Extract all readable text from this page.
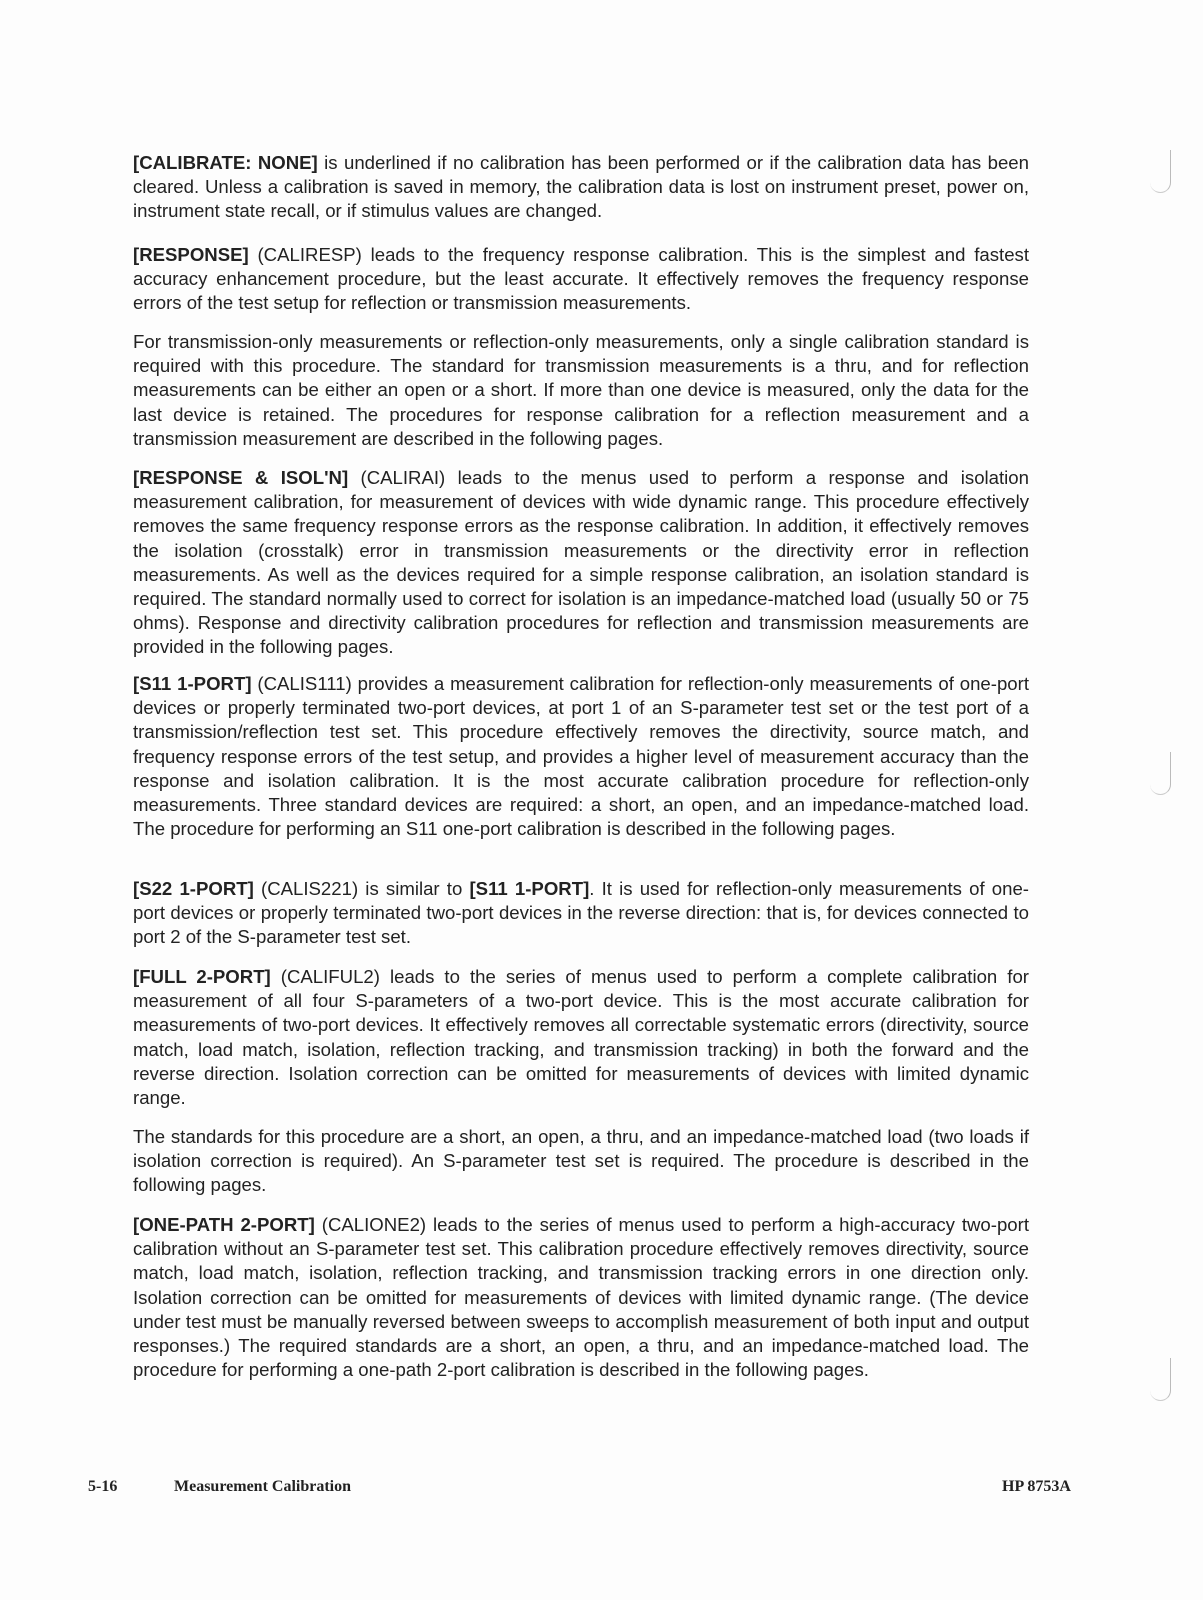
[CALIBRATE: NONE] is underlined if no calibration has been performed or if the calibration data has been cleared. Unless a calibration is saved in memory, the calibration data is lost on instrument preset, power on, instrument state recall, or if stimulus values are changed.

[RESPONSE] (CALIRESP) leads to the frequency response calibration. This is the simplest and fastest accuracy enhancement procedure, but the least accurate. It effectively removes the frequency response errors of the test setup for reflection or transmission measurements.

For transmission-only measurements or reflection-only measurements, only a single calibration standard is required with this procedure. The standard for transmission measurements is a thru, and for reflection measurements can be either an open or a short. If more than one device is measured, only the data for the last device is retained. The procedures for response calibration for a reflection measurement and a transmission measurement are described in the following pages.

[RESPONSE & ISOL'N] (CALIRAI) leads to the menus used to perform a response and isolation measurement calibration, for measurement of devices with wide dynamic range. This procedure effectively removes the same frequency response errors as the response calibration. In addition, it effectively removes the isolation (crosstalk) error in transmission measurements or the directivity error in reflection measurements. As well as the devices required for a simple response calibration, an isolation standard is required. The standard normally used to correct for isolation is an impedance-matched load (usually 50 or 75 ohms). Response and directivity calibration procedures for reflection and transmission measurements are provided in the following pages.

[S11 1-PORT] (CALIS111) provides a measurement calibration for reflection-only measurements of one-port devices or properly terminated two-port devices, at port 1 of an S-parameter test set or the test port of a transmission/reflection test set. This procedure effectively removes the directivity, source match, and frequency response errors of the test setup, and provides a higher level of measurement accuracy than the response and isolation calibration. It is the most accurate calibration procedure for reflection-only measurements. Three standard devices are required: a short, an open, and an impedance-matched load. The procedure for performing an S11 one-port calibration is described in the following pages.

[S22 1-PORT] (CALIS221) is similar to [S11 1-PORT]. It is used for reflection-only measurements of one-port devices or properly terminated two-port devices in the reverse direction: that is, for devices connected to port 2 of the S-parameter test set.

[FULL 2-PORT] (CALIFUL2) leads to the series of menus used to perform a complete calibration for measurement of all four S-parameters of a two-port device. This is the most accurate calibration for measurements of two-port devices. It effectively removes all correctable systematic errors (directivity, source match, load match, isolation, reflection tracking, and transmission tracking) in both the forward and the reverse direction. Isolation correction can be omitted for measurements of devices with limited dynamic range.

The standards for this procedure are a short, an open, a thru, and an impedance-matched load (two loads if isolation correction is required). An S-parameter test set is required. The procedure is described in the following pages.

[ONE-PATH 2-PORT] (CALIONE2) leads to the series of menus used to perform a high-accuracy two-port calibration without an S-parameter test set. This calibration procedure effectively removes directivity, source match, load match, isolation, reflection tracking, and transmission tracking errors in one direction only. Isolation correction can be omitted for measurements of devices with limited dynamic range. (The device under test must be manually reversed between sweeps to accomplish measurement of both input and output responses.) The required standards are a short, an open, a thru, and an impedance-matched load. The procedure for performing a one-path 2-port calibration is described in the following pages.

5-16	Measurement Calibration	HP 8753A
